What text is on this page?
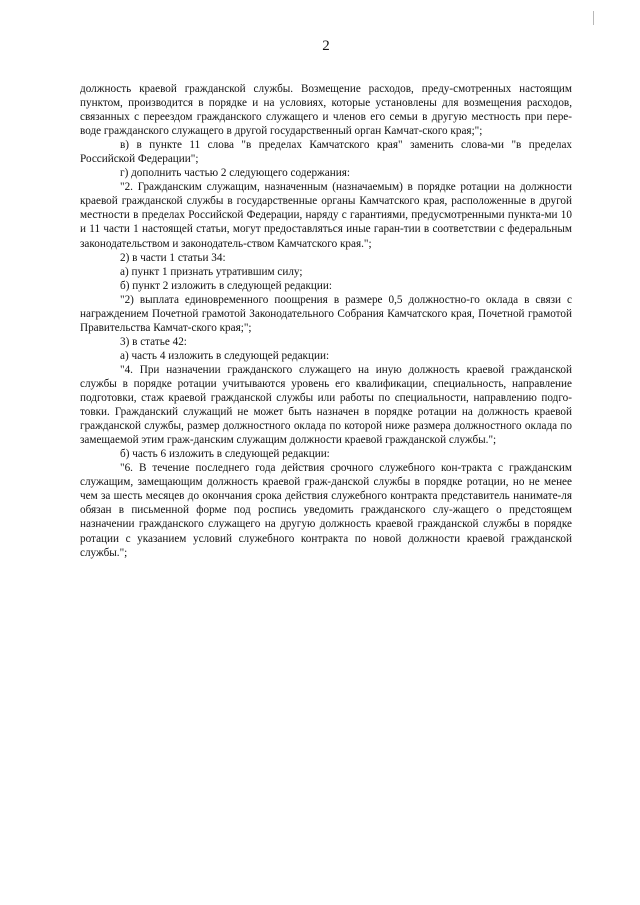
2

должность краевой гражданской службы. Возмещение расходов, преду-смотренных настоящим пунктом, производится в порядке и на условиях, которые установлены для возмещения расходов, связанных с переездом гражданского служащего и членов его семьи в другую местность при пере-воде гражданского служащего в другой государственный орган Камчат-ского края;";

в) в пункте 11 слова "в пределах Камчатского края" заменить слова-ми "в пределах Российской Федерации";

г) дополнить частью 2 следующего содержания:

"2. Гражданским служащим, назначенным (назначаемым) в порядке ротации на должности краевой гражданской службы в государственные органы Камчатского края, расположенные в другой местности в пределах Российской Федерации, наряду с гарантиями, предусмотренными пункта-ми 10 и 11 части 1 настоящей статьи, могут предоставляться иные гаран-тии в соответствии с федеральным законодательством и законодатель-ством Камчатского края.";

2) в части 1 статьи 34:

а) пункт 1 признать утратившим силу;

б) пункт 2 изложить в следующей редакции:

"2) выплата единовременного поощрения в размере 0,5 должностно-го оклада в связи с награждением Почетной грамотой Законодательного Собрания Камчатского края, Почетной грамотой Правительства Камчат-ского края;";

3) в статье 42:

а) часть 4 изложить в следующей редакции:

"4. При назначении гражданского служащего на иную должность краевой гражданской службы в порядке ротации учитываются уровень его квалификации, специальность, направление подготовки, стаж краевой гражданской службы или работы по специальности, направлению подго-товки. Гражданский служащий не может быть назначен в порядке ротации на должность краевой гражданской службы, размер должностного оклада по которой ниже размера должностного оклада по замещаемой этим граж-данским служащим должности краевой гражданской службы.";

б) часть 6 изложить в следующей редакции:

"6. В течение последнего года действия срочного служебного кон-тракта с гражданским служащим, замещающим должность краевой граж-данской службы в порядке ротации, но не менее чем за шесть месяцев до окончания срока действия служебного контракта представитель нанимате-ля обязан в письменной форме под роспись уведомить гражданского слу-жащего о предстоящем назначении гражданского служащего на другую должность краевой гражданской службы в порядке ротации с указанием условий служебного контракта по новой должности краевой гражданской службы.";
